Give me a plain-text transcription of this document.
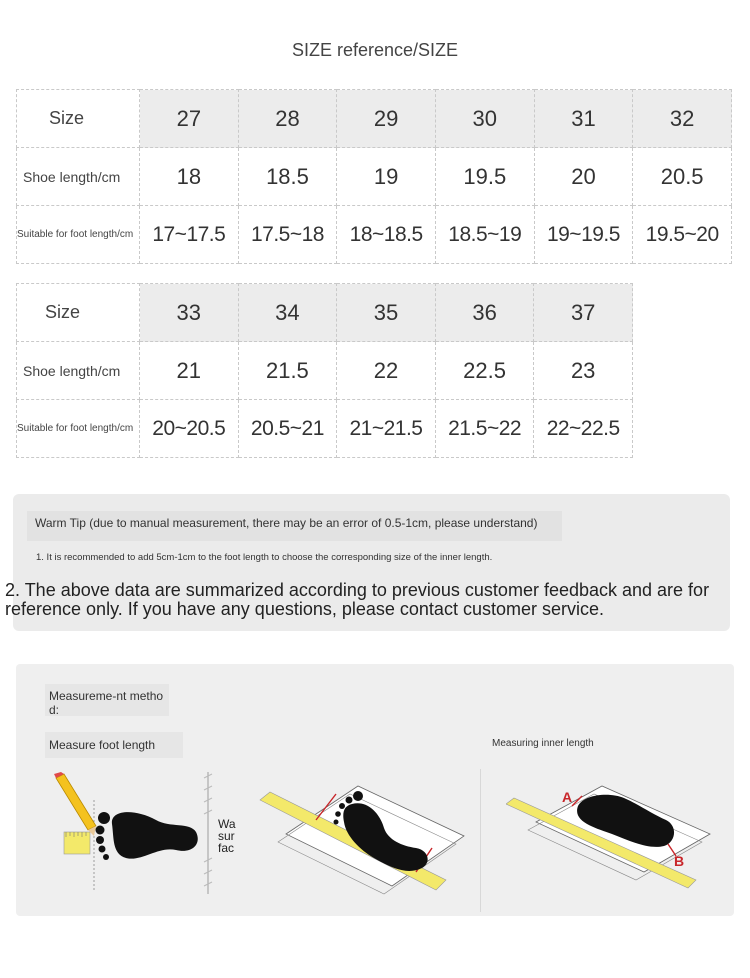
SIZE reference/SIZE
Size	27	28	29	30	31	32
Shoe length/cm	18	18.5	19	19.5	20	20.5
Suitable for foot length/cm	17~17.5	17.5~18	18~18.5	18.5~19	19~19.5	19.5~20
Size	33	34	35	36	37
Shoe length/cm	21	21.5	22	22.5	23
Suitable for foot length/cm	20~20.5	20.5~21	21~21.5	21.5~22	22~22.5
Warm Tip (due to manual measurement, there may be an error of 0.5-1cm, please understand)
1. It is recommended to add 5cm-1cm to the foot length to choose the corresponding size of the inner length.
2. The above data are summarized according to previous customer feedback and are for reference only. If you have any questions, please contact customer service.
Measureme-nt method:
Measure foot length	Measuring inner length
Wa
sur
fac
A
B
